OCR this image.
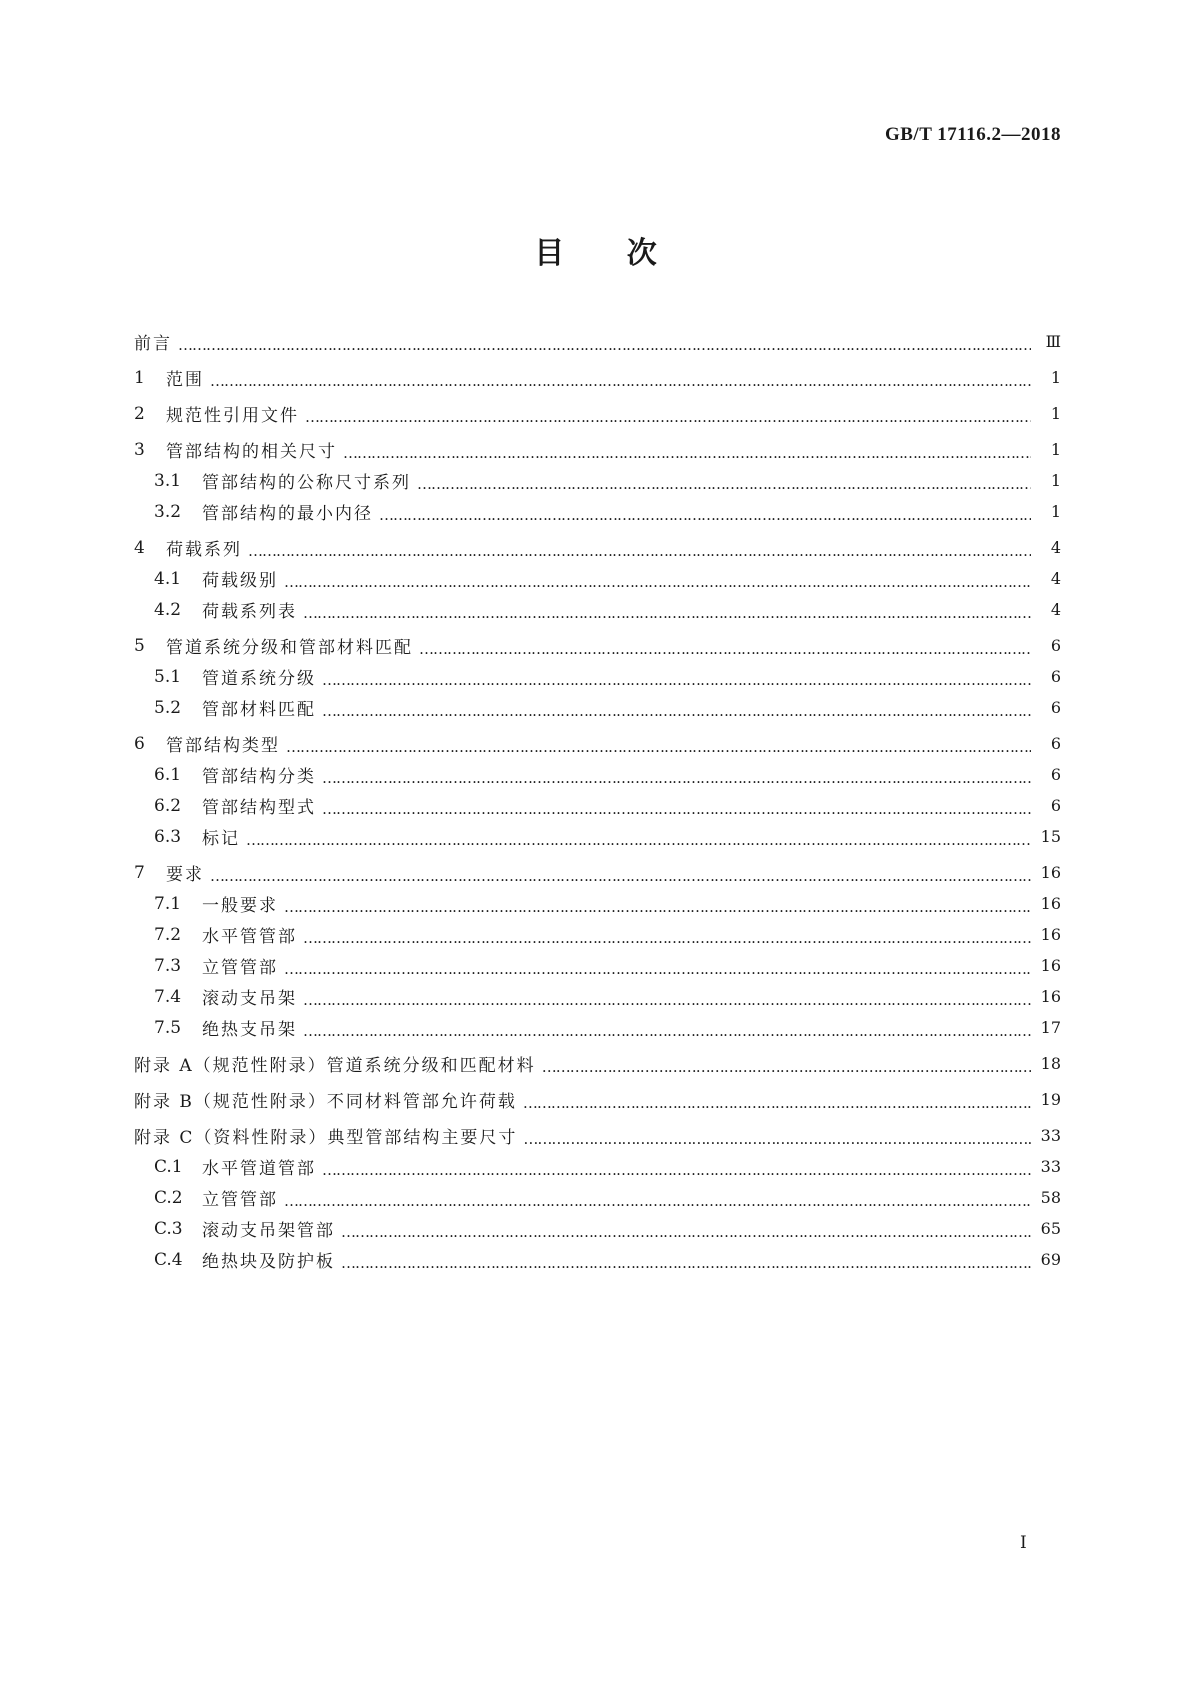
GB/T 17116.2—2018
目 次
前言 …………………………………………………………………………………………………………………………………………………………………………………………………………………………………	Ⅲ
1	范围 …………………………………………………………………………………………………………………………………………………………………………………………………………………………………	1
2	规范性引用文件 …………………………………………………………………………………………………………………………………………………………………………………………………………………………………	1
3	管部结构的相关尺寸 …………………………………………………………………………………………………………………………………………………………………………………………………………………………………	1
3.1	管部结构的公称尺寸系列 …………………………………………………………………………………………………………………………………………………………………………………………………………………………………	1
3.2	管部结构的最小内径 …………………………………………………………………………………………………………………………………………………………………………………………………………………………………	1
4	荷载系列 …………………………………………………………………………………………………………………………………………………………………………………………………………………………………	4
4.1	荷载级别 …………………………………………………………………………………………………………………………………………………………………………………………………………………………………	4
4.2	荷载系列表 …………………………………………………………………………………………………………………………………………………………………………………………………………………………………	4
5	管道系统分级和管部材料匹配 …………………………………………………………………………………………………………………………………………………………………………………………………………………………………	6
5.1	管道系统分级 …………………………………………………………………………………………………………………………………………………………………………………………………………………………………	6
5.2	管部材料匹配 …………………………………………………………………………………………………………………………………………………………………………………………………………………………………	6
6	管部结构类型 …………………………………………………………………………………………………………………………………………………………………………………………………………………………………	6
6.1	管部结构分类 …………………………………………………………………………………………………………………………………………………………………………………………………………………………………	6
6.2	管部结构型式 …………………………………………………………………………………………………………………………………………………………………………………………………………………………………	6
6.3	标记 …………………………………………………………………………………………………………………………………………………………………………………………………………………………………	15
7	要求 …………………………………………………………………………………………………………………………………………………………………………………………………………………………………	16
7.1	一般要求 …………………………………………………………………………………………………………………………………………………………………………………………………………………………………	16
7.2	水平管管部 …………………………………………………………………………………………………………………………………………………………………………………………………………………………………	16
7.3	立管管部 …………………………………………………………………………………………………………………………………………………………………………………………………………………………………	16
7.4	滚动支吊架 …………………………………………………………………………………………………………………………………………………………………………………………………………………………………	16
7.5	绝热支吊架 …………………………………………………………………………………………………………………………………………………………………………………………………………………………………	17
附录 A（规范性附录）管道系统分级和匹配材料 …………………………………………………………………………………………………………………………………………………………………………………………………………………………………	18
附录 B（规范性附录）不同材料管部允许荷载 …………………………………………………………………………………………………………………………………………………………………………………………………………………………………	19
附录 C（资料性附录）典型管部结构主要尺寸 …………………………………………………………………………………………………………………………………………………………………………………………………………………………………	33
C.1	水平管道管部 …………………………………………………………………………………………………………………………………………………………………………………………………………………………………	33
C.2	立管管部 …………………………………………………………………………………………………………………………………………………………………………………………………………………………………	58
C.3	滚动支吊架管部 …………………………………………………………………………………………………………………………………………………………………………………………………………………………………	65
C.4	绝热块及防护板 …………………………………………………………………………………………………………………………………………………………………………………………………………………………………	69
I
